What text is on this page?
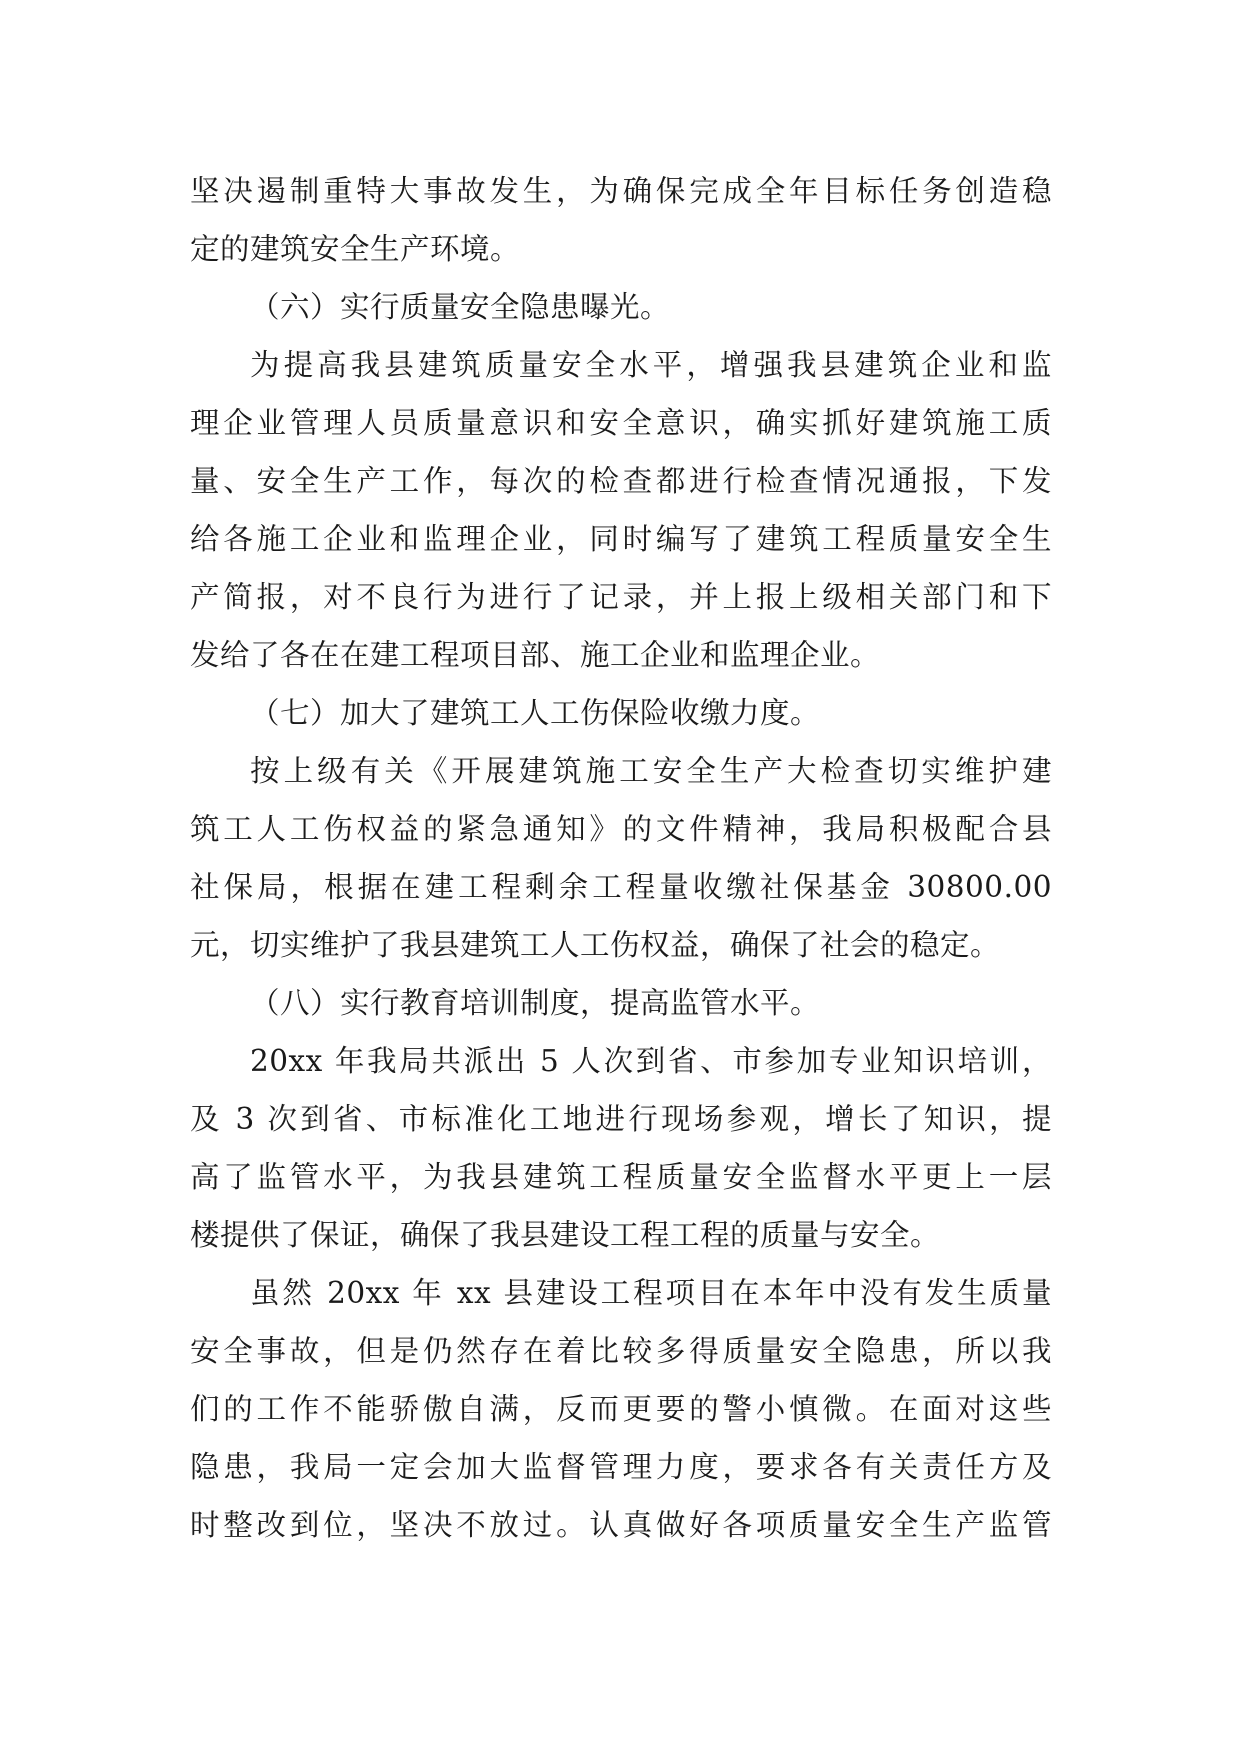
坚决遏制重特大事故发生，为确保完成全年目标任务创造稳
定的建筑安全生产环境。
（六）实行质量安全隐患曝光。
为提高我县建筑质量安全水平，增强我县建筑企业和监
理企业管理人员质量意识和安全意识，确实抓好建筑施工质
量、安全生产工作，每次的检查都进行检查情况通报，下发
给各施工企业和监理企业，同时编写了建筑工程质量安全生
产简报，对不良行为进行了记录，并上报上级相关部门和下
发给了各在在建工程项目部、施工企业和监理企业。
（七）加大了建筑工人工伤保险收缴力度。
按上级有关《开展建筑施工安全生产大检查切实维护建
筑工人工伤权益的紧急通知》的文件精神，我局积极配合县
社保局，根据在建工程剩余工程量收缴社保基金 30800.00
元，切实维护了我县建筑工人工伤权益，确保了社会的稳定。
（八）实行教育培训制度，提高监管水平。
20xx 年我局共派出 5 人次到省、市参加专业知识培训，
及 3 次到省、市标准化工地进行现场参观，增长了知识，提
高了监管水平，为我县建筑工程质量安全监督水平更上一层
楼提供了保证，确保了我县建设工程工程的质量与安全。
虽然 20xx 年 xx 县建设工程项目在本年中没有发生质量
安全事故，但是仍然存在着比较多得质量安全隐患，所以我
们的工作不能骄傲自满，反而更要的警小慎微。在面对这些
隐患，我局一定会加大监督管理力度，要求各有关责任方及
时整改到位，坚决不放过。认真做好各项质量安全生产监管
